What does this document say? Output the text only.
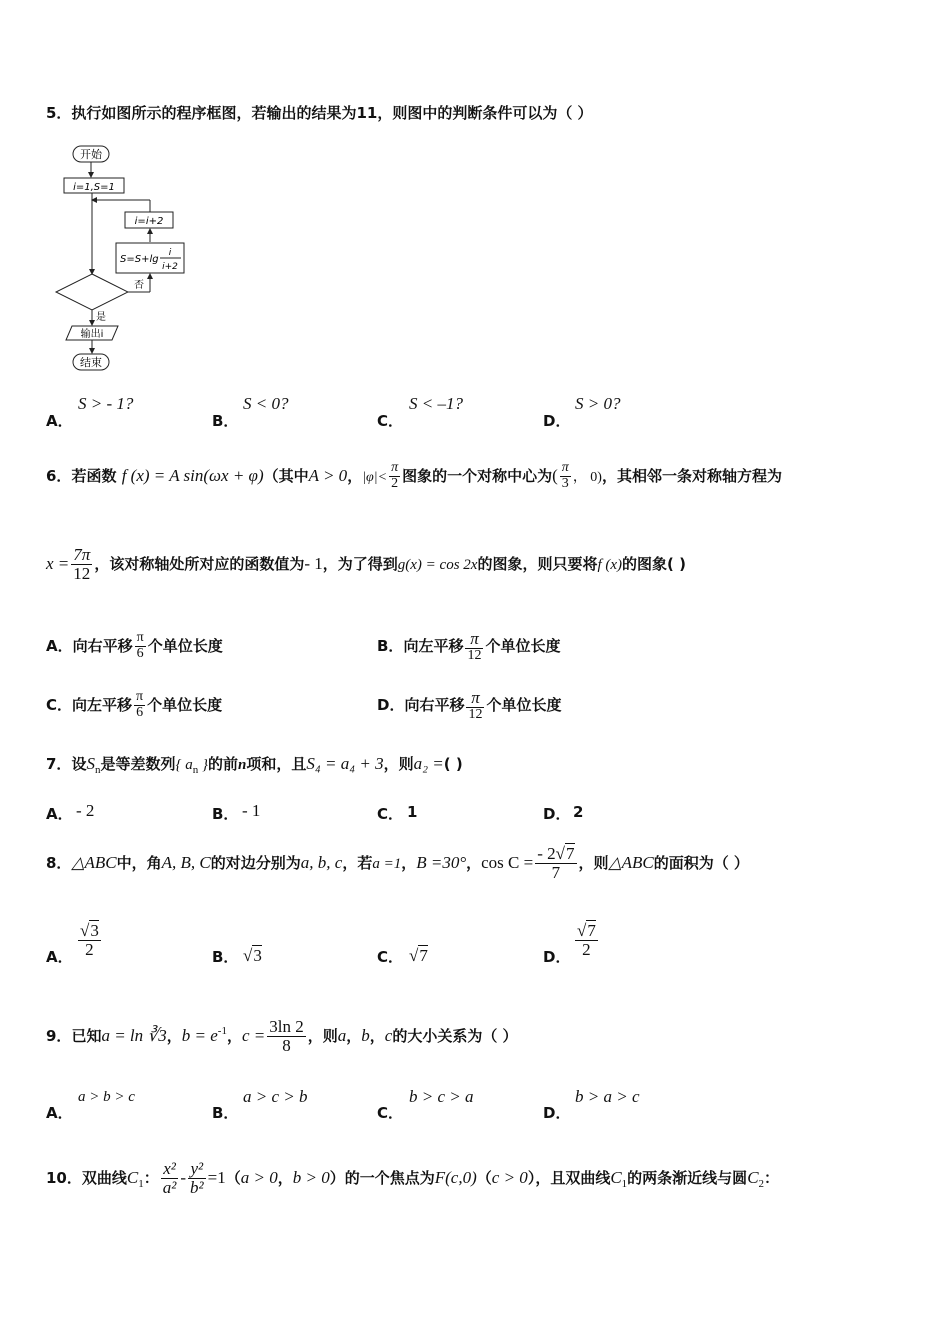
5．执行如图所示的程序框图，若输出的结果为11，则图中的判断条件可以为（ ）
开始
i=1,S=1
i=i+2
S=S+lg
i
i+2
否
是
输出i
结束
A．
S > - 1?
B．
S < 0?
C．
S < –1?
D．
S > 0?
6．若函数 f (x) = A sin(ωx + φ)（其中A > 0，$|\varphi|< \frac{\pi}{2}$ 图象的一个对称中心为( $\frac{\pi}{3}$ ， 0)，其相邻一条对称轴方程为
$x = \frac{7\pi}{12}$ ，该对称轴处所对应的函数值为- 1，为了得到g(x) = cos 2x的图象，则只要将f (x)的图象( )
A．向右平移 $\frac{\pi}{6}$ 个单位长度	B．向左平移 $\frac{\pi}{12}$ 个单位长度
C．向左平移 $\frac{\pi}{6}$ 个单位长度	D．向右平移 $\frac{\pi}{12}$ 个单位长度
7．设$S_n$是等差数列{ $a_n$ }的前n项和，且S₄ = a₄ + 3，则a₂ =( )
A． - 2	B． - 1	C． 1	D． 2
8．△ABC中，角A, B, C的对边分别为a, b, c，若a =1，B =30°，$\cos C = \frac{- 2√7}{7}$ ，则△ABC的面积为（ ）
A． $\frac{√3}{2}$	B． √3	C． √7	D． $\frac{√7}{2}$
9．已知a = ln ∛3，$b = e^{-1}$，$c = \frac{3\ln 2}{8}$ ，则a，b，c的大小关系为（ ）
A．
a > b > c
B．
a > c > b
C．
b > c > a
D．
b > a > c
10．双曲线$C_1$： $\frac{\text{x²}}{\text{a²}} - \frac{\text{y²}}{\text{b²}} =1(a > 0$，b > 0）的一个焦点为F(c,0)（c > 0），且双曲线$C_1$的两条渐近线与圆$C_2$：
